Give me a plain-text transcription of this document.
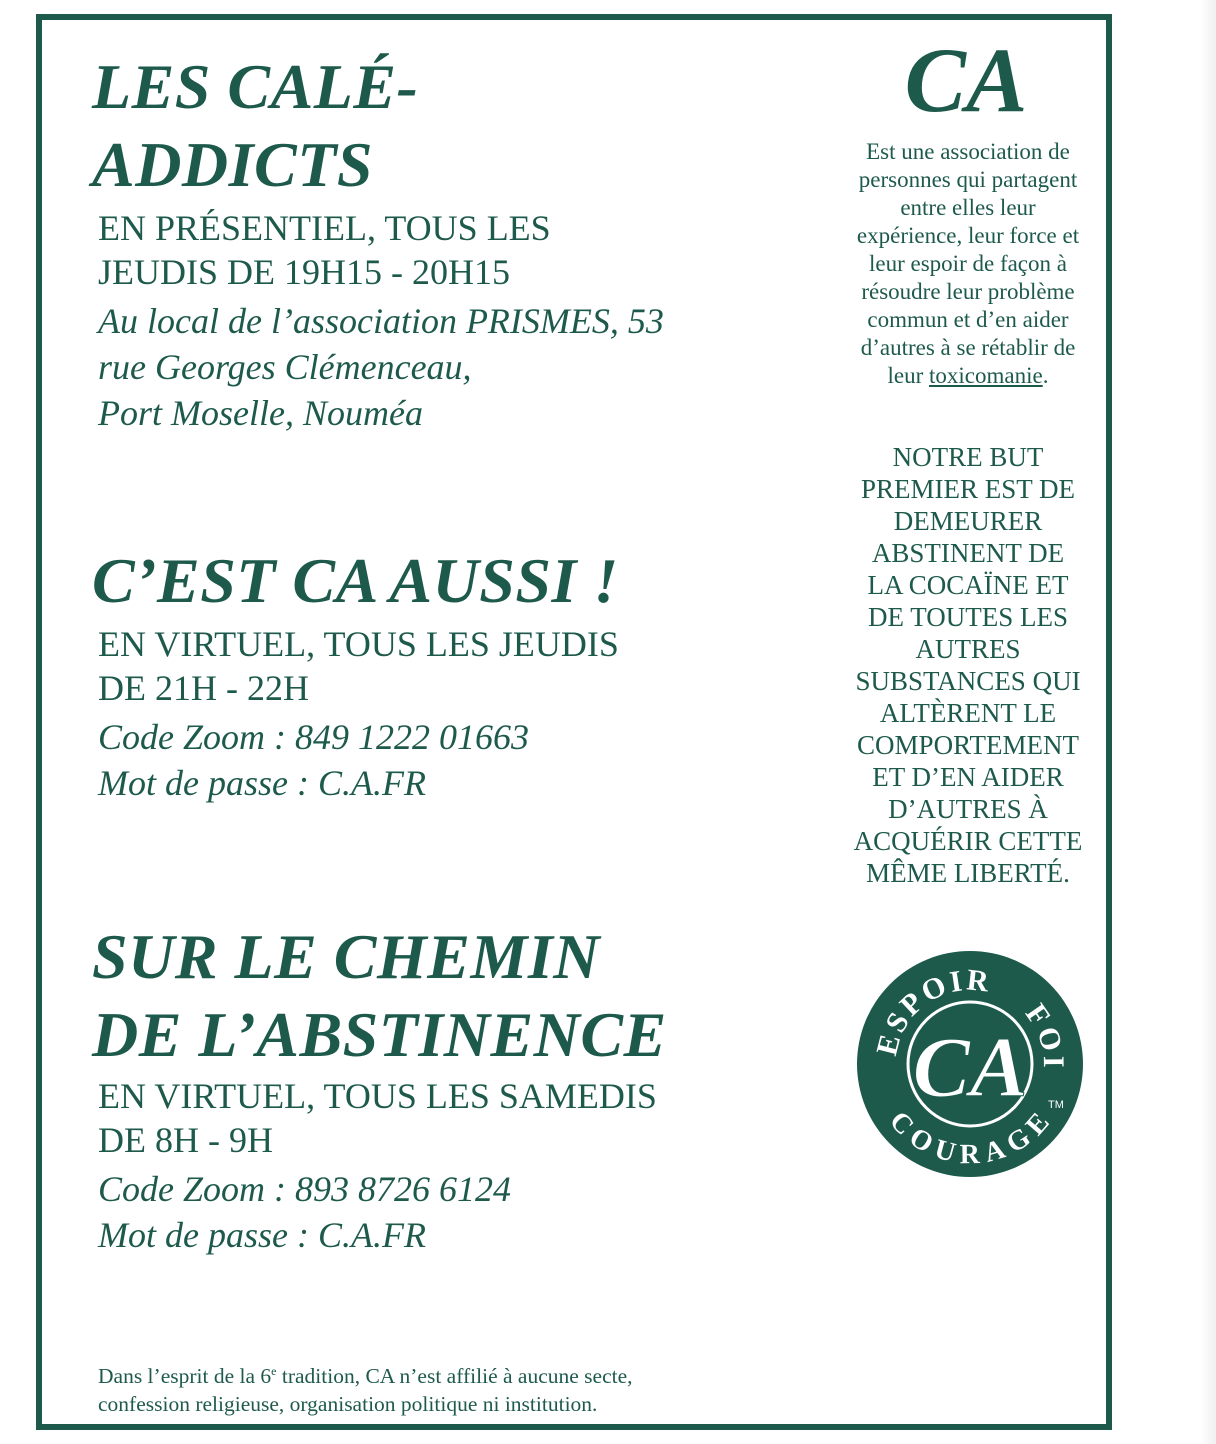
LES CALÉ-
ADDICTS
EN PRÉSENTIEL, TOUS LES
JEUDIS DE 19H15 - 20H15
Au local de l’association PRISMES, 53
rue Georges Clémenceau,
Port Moselle, Nouméa
C’EST CA AUSSI !
EN VIRTUEL, TOUS LES JEUDIS
DE 21H - 22H
Code Zoom : 849 1222 01663
Mot de passe : C.A.FR
SUR LE CHEMIN
DE L’ABSTINENCE
EN VIRTUEL, TOUS LES SAMEDIS
DE 8H - 9H
Code Zoom : 893 8726 6124
Mot de passe : C.A.FR
CA
Est une association de
personnes qui partagent
entre elles leur
expérience, leur force et
leur espoir de façon à
résoudre leur problème
commun et d’en aider
d’autres à se rétablir de
leur toxicomanie.
NOTRE BUT
PREMIER EST DE
DEMEURER
ABSTINENT DE
LA COCAÏNE ET
DE TOUTES LES
AUTRES
SUBSTANCES QUI
ALTÈRENT LE
COMPORTEMENT
ET D’EN AIDER
D’AUTRES À
ACQUÉRIR CETTE
MÊME LIBERTÉ.
ESPOIR
FOI
COURAGE
CA TM
Dans l’esprit de la 6e tradition, CA n’est affilié à aucune secte,
confession religieuse, organisation politique ni institution.
